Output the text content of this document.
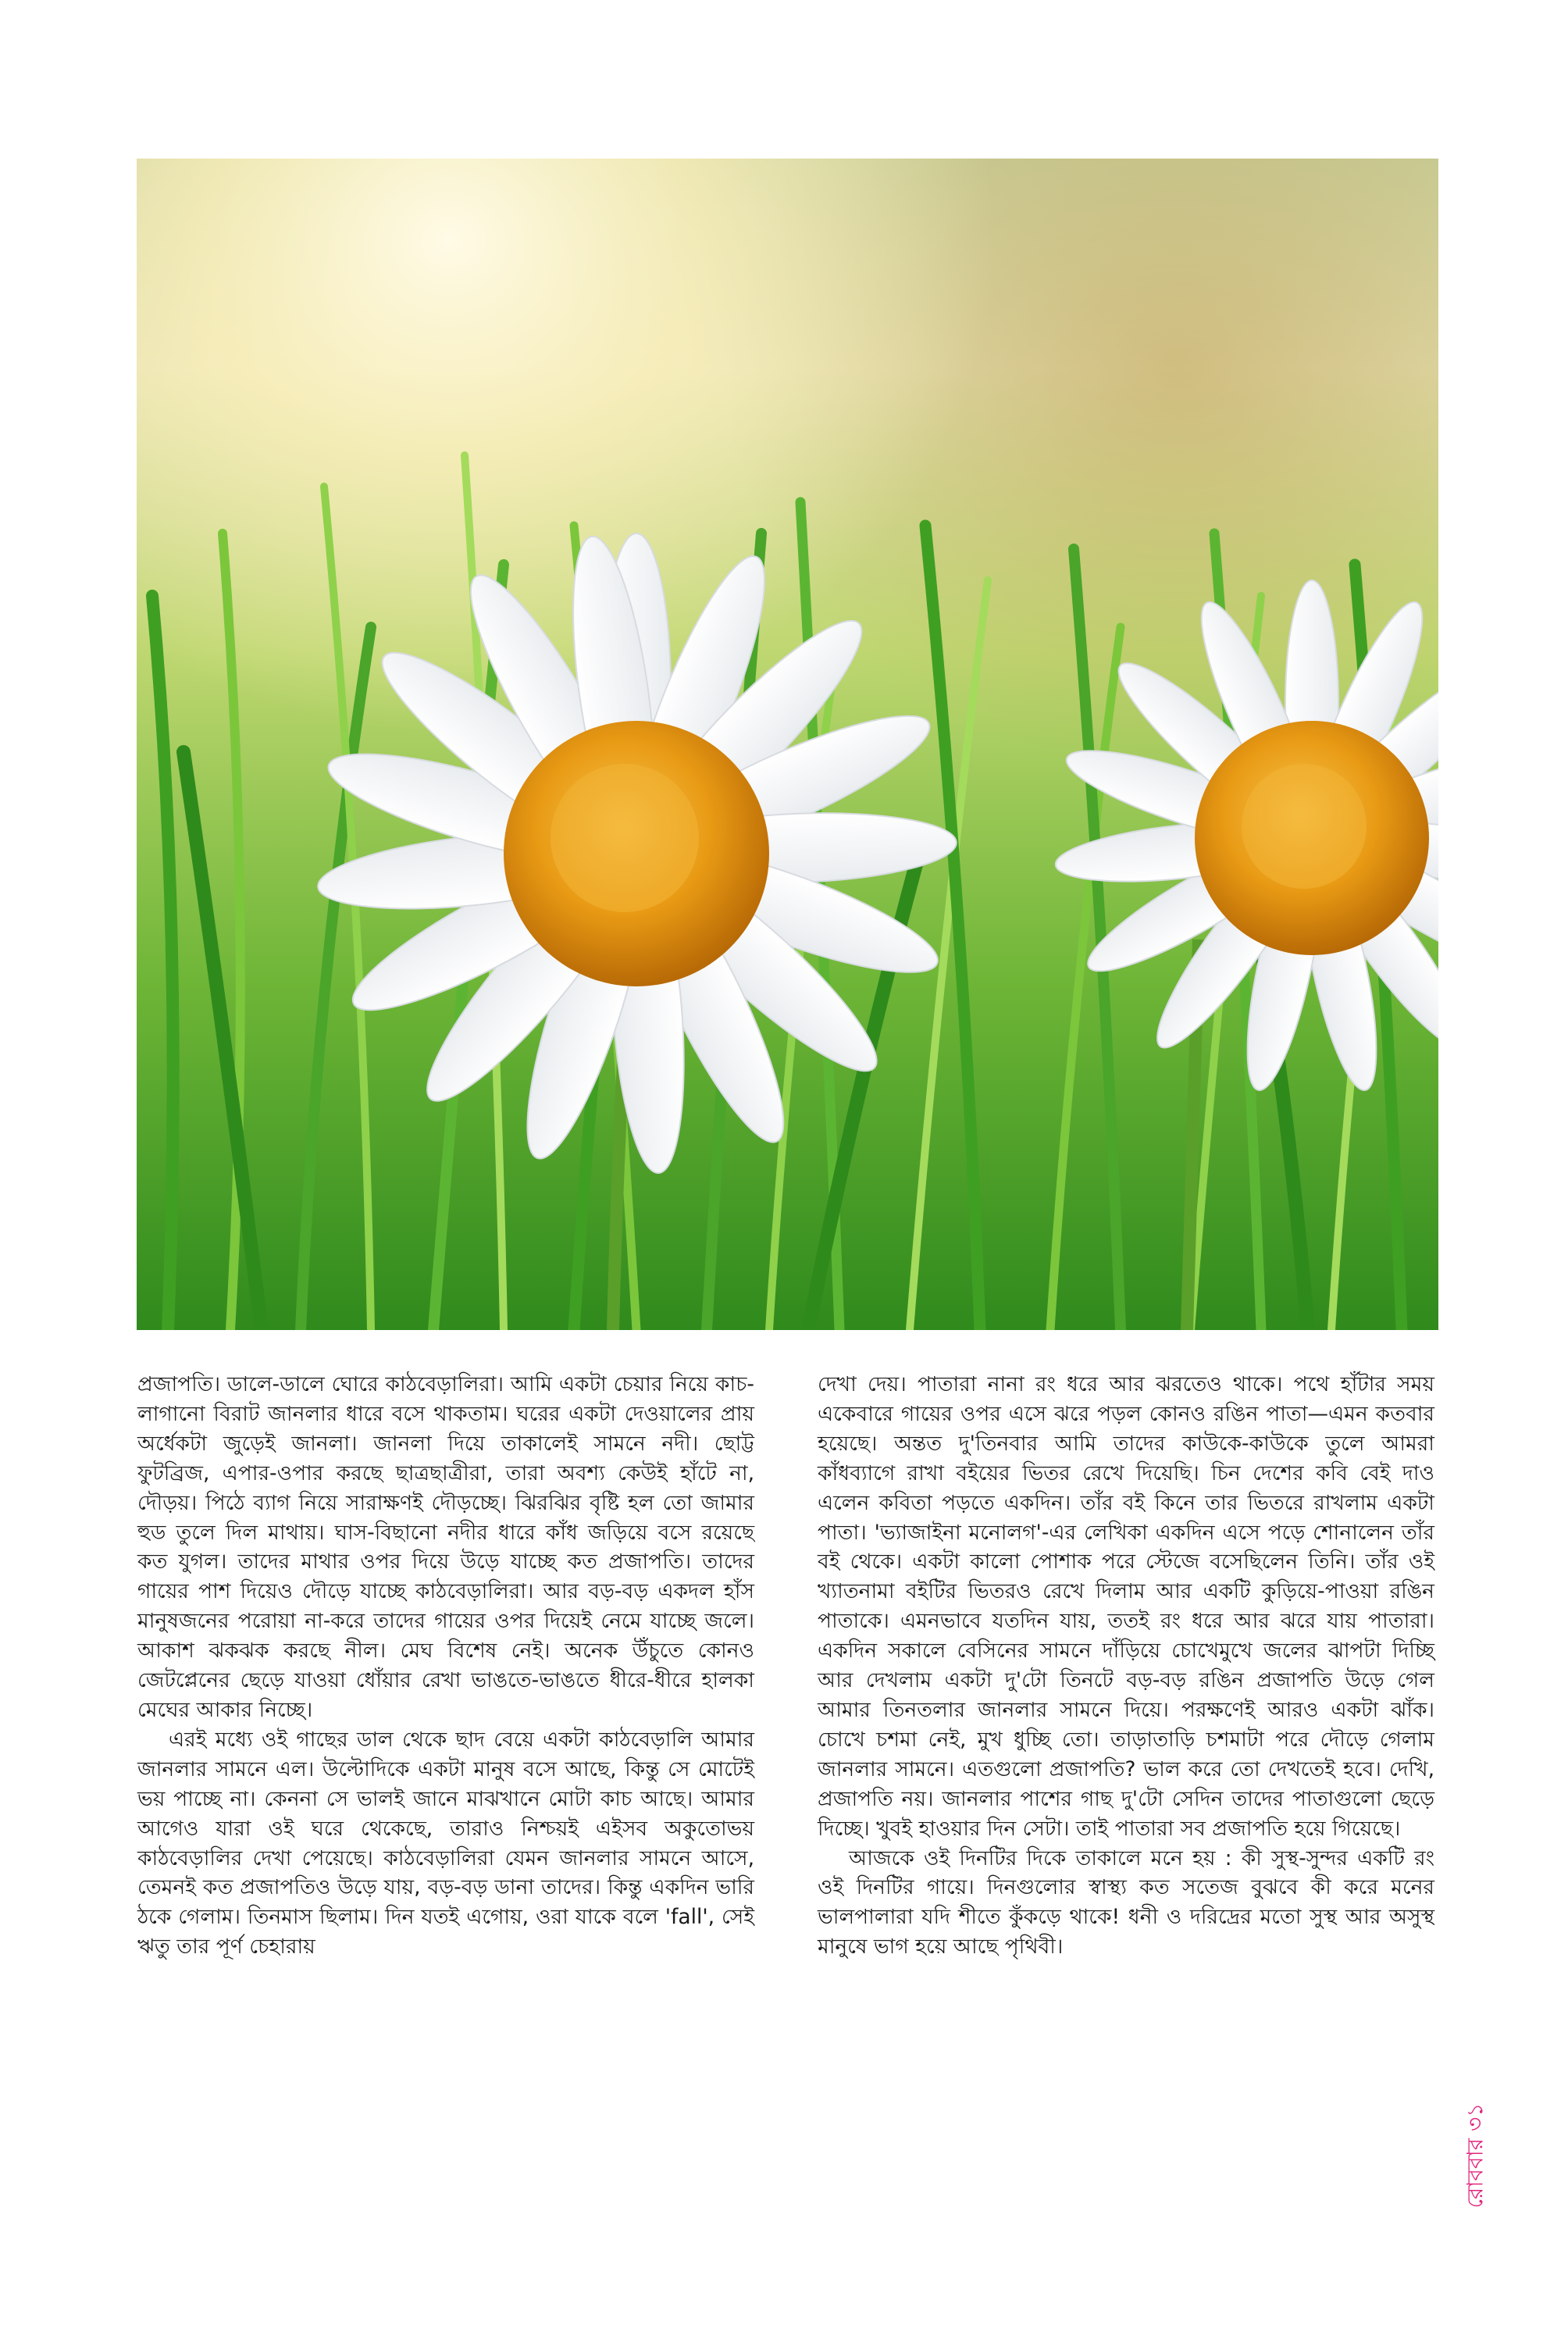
প্রজাপতি। ডালে-ডালে ঘোরে কাঠবেড়ালিরা। আমি একটা চেয়ার নিয়ে কাচ-লাগানো বিরাট জানলার ধারে বসে থাকতাম। ঘরের একটা দেওয়ালের প্রায় অর্ধেকটা জুড়েই জানলা। জানলা দিয়ে তাকালেই সামনে নদী। ছোট্ট ফুটব্রিজ, এপার-ওপার করছে ছাত্রছাত্রীরা, তারা অবশ্য কেউই হাঁটে না, দৌড়য়। পিঠে ব্যাগ নিয়ে সারাক্ষণই দৌড়চ্ছে। ঝিরঝির বৃষ্টি হল তো জামার হুড তুলে দিল মাথায়। ঘাস-বিছানো নদীর ধারে কাঁধ জড়িয়ে বসে রয়েছে কত যুগল। তাদের মাথার ওপর দিয়ে উড়ে যাচ্ছে কত প্রজাপতি। তাদের গায়ের পাশ দিয়েও দৌড়ে যাচ্ছে কাঠবেড়ালিরা। আর বড়-বড় একদল হাঁস মানুষজনের পরোয়া না-করে তাদের গায়ের ওপর দিয়েই নেমে যাচ্ছে জলে। আকাশ ঝকঝক করছে নীল। মেঘ বিশেষ নেই। অনেক উঁচুতে কোনও জেটপ্লেনের ছেড়ে যাওয়া ধোঁয়ার রেখা ভাঙতে-ভাঙতে ধীরে-ধীরে হালকা মেঘের আকার নিচ্ছে।

এরই মধ্যে ওই গাছের ডাল থেকে ছাদ বেয়ে একটা কাঠবেড়ালি আমার জানলার সামনে এল। উল্টোদিকে একটা মানুষ বসে আছে, কিন্তু সে মোটেই ভয় পাচ্ছে না। কেননা সে ভালই জানে মাঝখানে মোটা কাচ আছে। আমার আগেও যারা ওই ঘরে থেকেছে, তারাও নিশ্চয়ই এইসব অকুতোভয় কাঠবেড়ালির দেখা পেয়েছে। কাঠবেড়ালিরা যেমন জানলার সামনে আসে, তেমনই কত প্রজাপতিও উড়ে যায়, বড়-বড় ডানা তাদের। কিন্তু একদিন ভারি ঠকে গেলাম। তিনমাস ছিলাম। দিন যতই এগোয়, ওরা যাকে বলে 'fall', সেই ঋতু তার পূর্ণ চেহারায়

দেখা দেয়। পাতারা নানা রং ধরে আর ঝরতেও থাকে। পথে হাঁটার সময় একেবারে গায়ের ওপর এসে ঝরে পড়ল কোনও রঙিন পাতা—এমন কতবার হয়েছে। অন্তত দু'তিনবার আমি তাদের কাউকে-কাউকে তুলে আমরা কাঁধব্যাগে রাখা বইয়ের ভিতর রেখে দিয়েছি। চিন দেশের কবি বেই দাও এলেন কবিতা পড়তে একদিন। তাঁর বই কিনে তার ভিতরে রাখলাম একটা পাতা। 'ভ্যাজাইনা মনোলগ'-এর লেখিকা একদিন এসে পড়ে শোনালেন তাঁর বই থেকে। একটা কালো পোশাক পরে স্টেজে বসেছিলেন তিনি। তাঁর ওই খ্যাতনামা বইটির ভিতরও রেখে দিলাম আর একটি কুড়িয়ে-পাওয়া রঙিন পাতাকে। এমনভাবে যতদিন যায়, ততই রং ধরে আর ঝরে যায় পাতারা। একদিন সকালে বেসিনের সামনে দাঁড়িয়ে চোখেমুখে জলের ঝাপটা দিচ্ছি আর দেখলাম একটা দু'টো তিনটে বড়-বড় রঙিন প্রজাপতি উড়ে গেল আমার তিনতলার জানলার সামনে দিয়ে। পরক্ষণেই আরও একটা ঝাঁক। চোখে চশমা নেই, মুখ ধুচ্ছি তো। তাড়াতাড়ি চশমাটা পরে দৌড়ে গেলাম জানলার সামনে। এতগুলো প্রজাপতি? ভাল করে তো দেখতেই হবে। দেখি, প্রজাপতি নয়। জানলার পাশের গাছ দু'টো সেদিন তাদের পাতাগুলো ছেড়ে দিচ্ছে। খুবই হাওয়ার দিন সেটা। তাই পাতারা সব প্রজাপতি হয়ে গিয়েছে।

আজকে ওই দিনটির দিকে তাকালে মনে হয় : কী সুস্থ-সুন্দর একটি রং ওই দিনটির গায়ে। দিনগুলোর স্বাস্থ্য কত সতেজ বুঝবে কী করে মনের ভালপালারা যদি শীতে কুঁকড়ে থাকে! ধনী ও দরিদ্রের মতো সুস্থ আর অসুস্থ মানুষে ভাগ হয়ে আছে পৃথিবী।

রোববার ৩১
